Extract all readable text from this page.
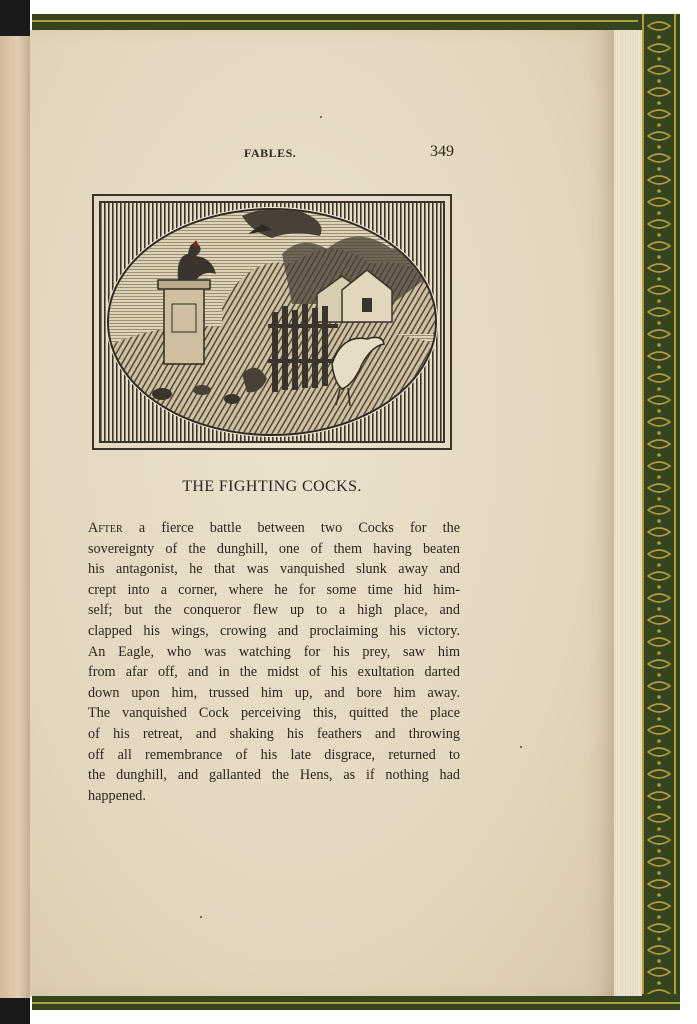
FABLES.	349
THE FIGHTING COCKS.
After a fierce battle between two Cocks for the
sovereignty of the dunghill, one of them having beaten
his antagonist, he that was vanquished slunk away and
crept into a corner, where he for some time hid him-
self; but the conqueror flew up to a high place, and
clapped his wings, crowing and proclaiming his victory.
An Eagle, who was watching for his prey, saw him
from afar off, and in the midst of his exultation darted
down upon him, trussed him up, and bore him away.
The vanquished Cock perceiving this, quitted the place
of his retreat, and shaking his feathers and throwing
off all remembrance of his late disgrace, returned to
the dunghill, and gallanted the Hens, as if nothing had
happened.
